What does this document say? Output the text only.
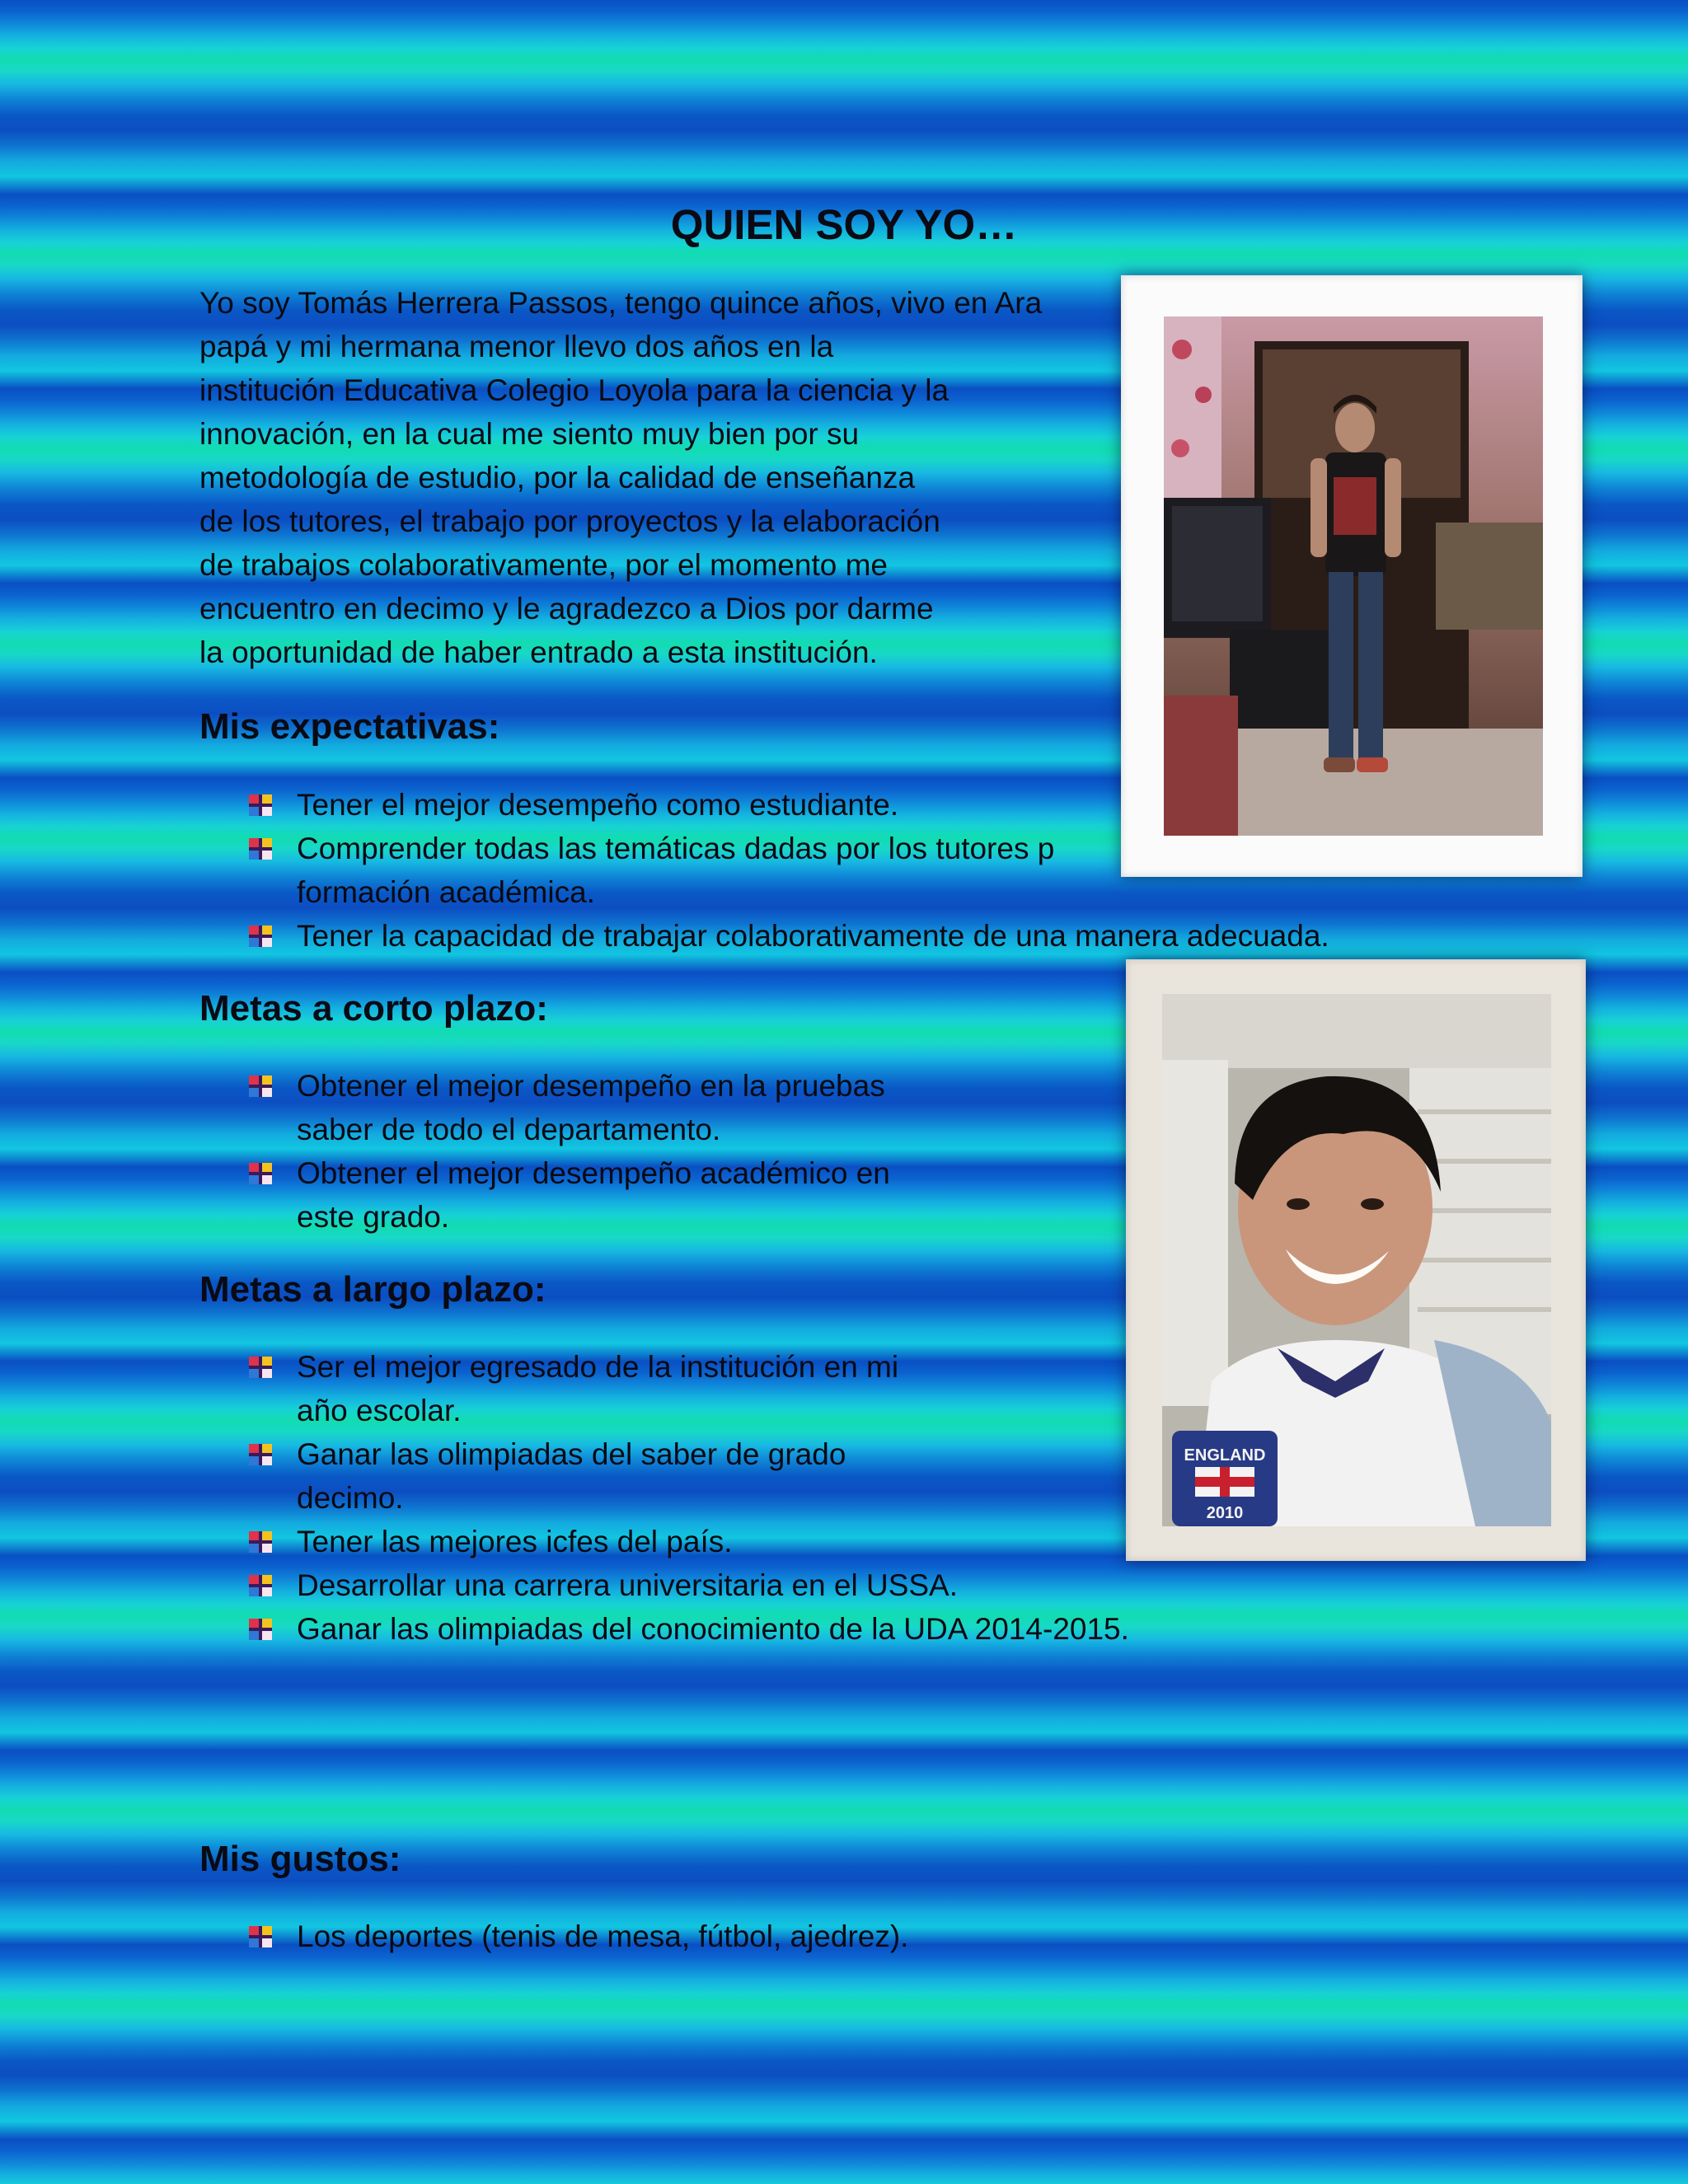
QUIEN SOY YO…

Yo soy Tomás Herrera Passos, tengo quince años, vivo en Ara
papá y mi hermana menor llevo dos años en la
institución Educativa Colegio Loyola para la ciencia y la
innovación, en la cual me siento muy bien por su
metodología de estudio, por la calidad de enseñanza
de los tutores, el trabajo por proyectos y la elaboración
de trabajos colaborativamente, por el momento me
encuentro en decimo y le agradezco a Dios por darme
la oportunidad de haber entrado a esta institución.

Mis expectativas:
Tener el mejor desempeño como estudiante.
Comprender todas las temáticas dadas por los tutores p
formación académica.
Tener la capacidad de trabajar colaborativamente de una manera adecuada.
Metas a corto plazo:
Obtener el mejor desempeño en la pruebas
saber de todo el departamento.
Obtener el mejor desempeño académico en
este grado.
Metas a largo plazo:
Ser el mejor egresado de la institución en mi
año escolar.
Ganar las olimpiadas del saber de grado
decimo.
Tener las mejores icfes del país.
Desarrollar una carrera universitaria en el USSA.
Ganar las olimpiadas del conocimiento de la UDA 2014-2015.
Mis gustos:
Los deportes (tenis de mesa, fútbol, ajedrez).
ENGLAND
2010
